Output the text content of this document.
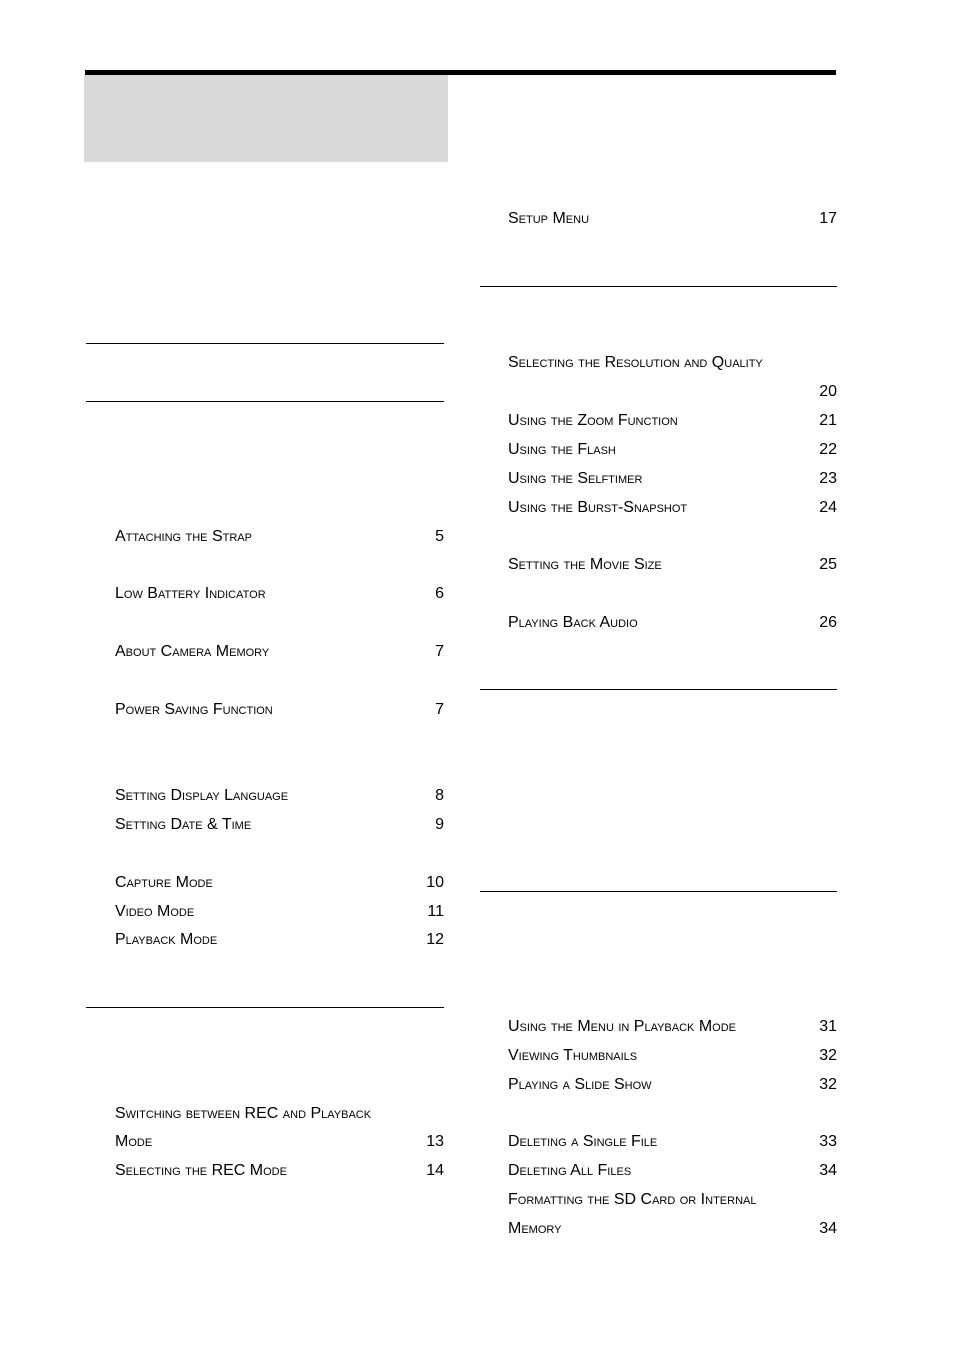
Attaching the Strap	5
Low Battery Indicator	6
About Camera Memory	7
Power Saving Function	7
Setting Display Language	8
Setting Date & Time	9
Capture Mode	10
Video Mode	11
Playback Mode	12
Switching between REC and Playback
Mode	13
Selecting the REC Mode	14
Setup Menu	17
Selecting the Resolution and Quality
20
Using the Zoom Function	21
Using the Flash	22
Using the Selftimer	23
Using the Burst-Snapshot	24
Setting the Movie Size	25
Playing Back Audio	26
Using the Menu in Playback Mode	31
Viewing Thumbnails	32
Playing a Slide Show	32
Deleting a Single File	33
Deleting All Files	34
Formatting the SD Card or Internal
Memory	34
